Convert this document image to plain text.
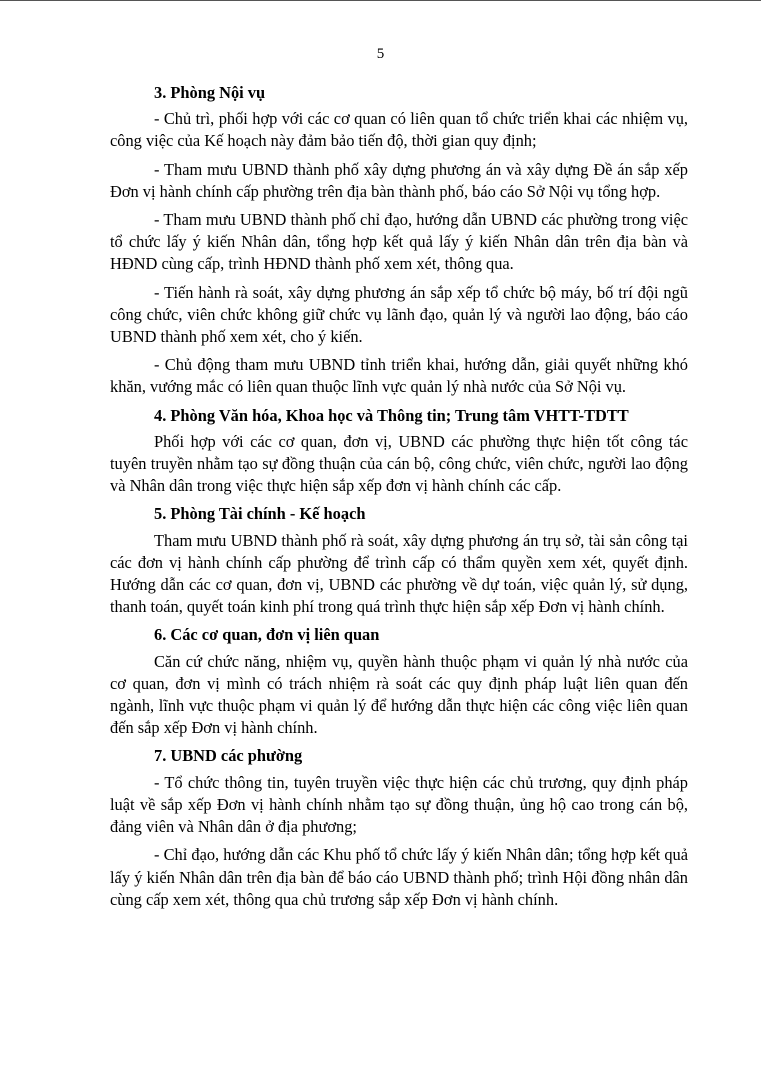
5
3. Phòng Nội vụ

- Chủ trì, phối hợp với các cơ quan có liên quan tổ chức triển khai các nhiệm vụ, công việc của Kế hoạch này đảm bảo tiến độ, thời gian quy định;

- Tham mưu UBND thành phố xây dựng phương án và xây dựng Đề án sắp xếp Đơn vị hành chính cấp phường trên địa bàn thành phố, báo cáo Sở Nội vụ tổng hợp.

- Tham mưu UBND thành phố chỉ đạo, hướng dẫn UBND các phường trong việc tổ chức lấy ý kiến Nhân dân, tổng hợp kết quả lấy ý kiến Nhân dân trên địa bàn và HĐND cùng cấp, trình HĐND thành phố xem xét, thông qua.

- Tiến hành rà soát, xây dựng phương án sắp xếp tổ chức bộ máy, bố trí đội ngũ công chức, viên chức không giữ chức vụ lãnh đạo, quản lý và người lao động, báo cáo UBND thành phố xem xét, cho ý kiến.

- Chủ động tham mưu UBND tỉnh triển khai, hướng dẫn, giải quyết những khó khăn, vướng mắc có liên quan thuộc lĩnh vực quản lý nhà nước của Sở Nội vụ.

4. Phòng Văn hóa, Khoa học và Thông tin; Trung tâm VHTT-TDTT

Phối hợp với các cơ quan, đơn vị, UBND các phường thực hiện tốt công tác tuyên truyền nhằm tạo sự đồng thuận của cán bộ, công chức, viên chức, người lao động và Nhân dân trong việc thực hiện sắp xếp đơn vị hành chính các cấp.

5. Phòng Tài chính - Kế hoạch

Tham mưu UBND thành phố rà soát, xây dựng phương án trụ sở, tài sản công tại các đơn vị hành chính cấp phường để trình cấp có thẩm quyền xem xét, quyết định. Hướng dẫn các cơ quan, đơn vị, UBND các phường về dự toán, việc quản lý, sử dụng, thanh toán, quyết toán kinh phí trong quá trình thực hiện sắp xếp Đơn vị hành chính.

6. Các cơ quan, đơn vị liên quan

Căn cứ chức năng, nhiệm vụ, quyền hành thuộc phạm vi quản lý nhà nước của cơ quan, đơn vị mình có trách nhiệm rà soát các quy định pháp luật liên quan đến ngành, lĩnh vực thuộc phạm vi quản lý để hướng dẫn thực hiện các công việc liên quan đến sắp xếp Đơn vị hành chính.

7. UBND các phường

- Tổ chức thông tin, tuyên truyền việc thực hiện các chủ trương, quy định pháp luật về sắp xếp Đơn vị hành chính nhằm tạo sự đồng thuận, ủng hộ cao trong cán bộ, đảng viên và Nhân dân ở địa phương;

- Chỉ đạo, hướng dẫn các Khu phố tổ chức lấy ý kiến Nhân dân; tổng hợp kết quả lấy ý kiến Nhân dân trên địa bàn để báo cáo UBND thành phố; trình Hội đồng nhân dân cùng cấp xem xét, thông qua chủ trương sắp xếp Đơn vị hành chính.
